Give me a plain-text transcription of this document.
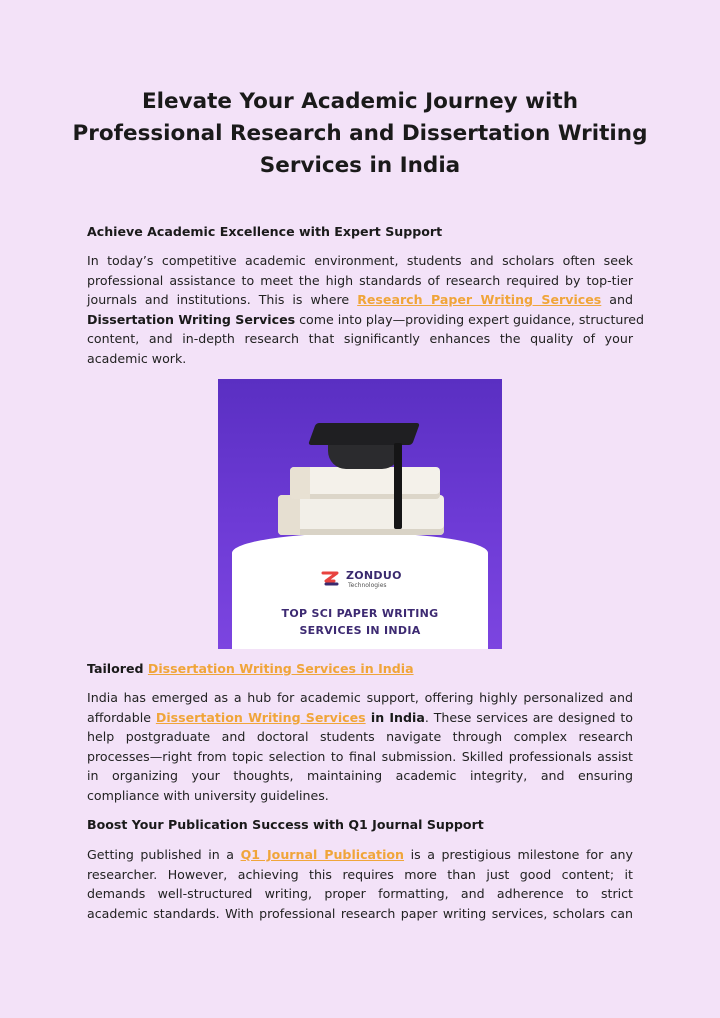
Elevate Your Academic Journey with
Professional Research and Dissertation Writing
Services in India
Achieve Academic Excellence with Expert Support
In today’s competitive academic environment, students and scholars often seek
professional assistance to meet the high standards of research required by top-tier
journals and institutions. This is where Research Paper Writing Services and
Dissertation Writing Services come into play—providing expert guidance, structured
content, and in-depth research that significantly enhances the quality of your
academic work.
ZONDUO
Technologies
TOP SCI PAPER WRITING
SERVICES IN INDIA
Tailored Dissertation Writing Services in India
India has emerged as a hub for academic support, offering highly personalized and
affordable Dissertation Writing Services in India. These services are designed to
help postgraduate and doctoral students navigate through complex research
processes—right from topic selection to final submission. Skilled professionals assist
in organizing your thoughts, maintaining academic integrity, and ensuring
compliance with university guidelines.
Boost Your Publication Success with Q1 Journal Support
Getting published in a Q1 Journal Publication is a prestigious milestone for any
researcher. However, achieving this requires more than just good content; it
demands well-structured writing, proper formatting, and adherence to strict
academic standards. With professional research paper writing services, scholars can
